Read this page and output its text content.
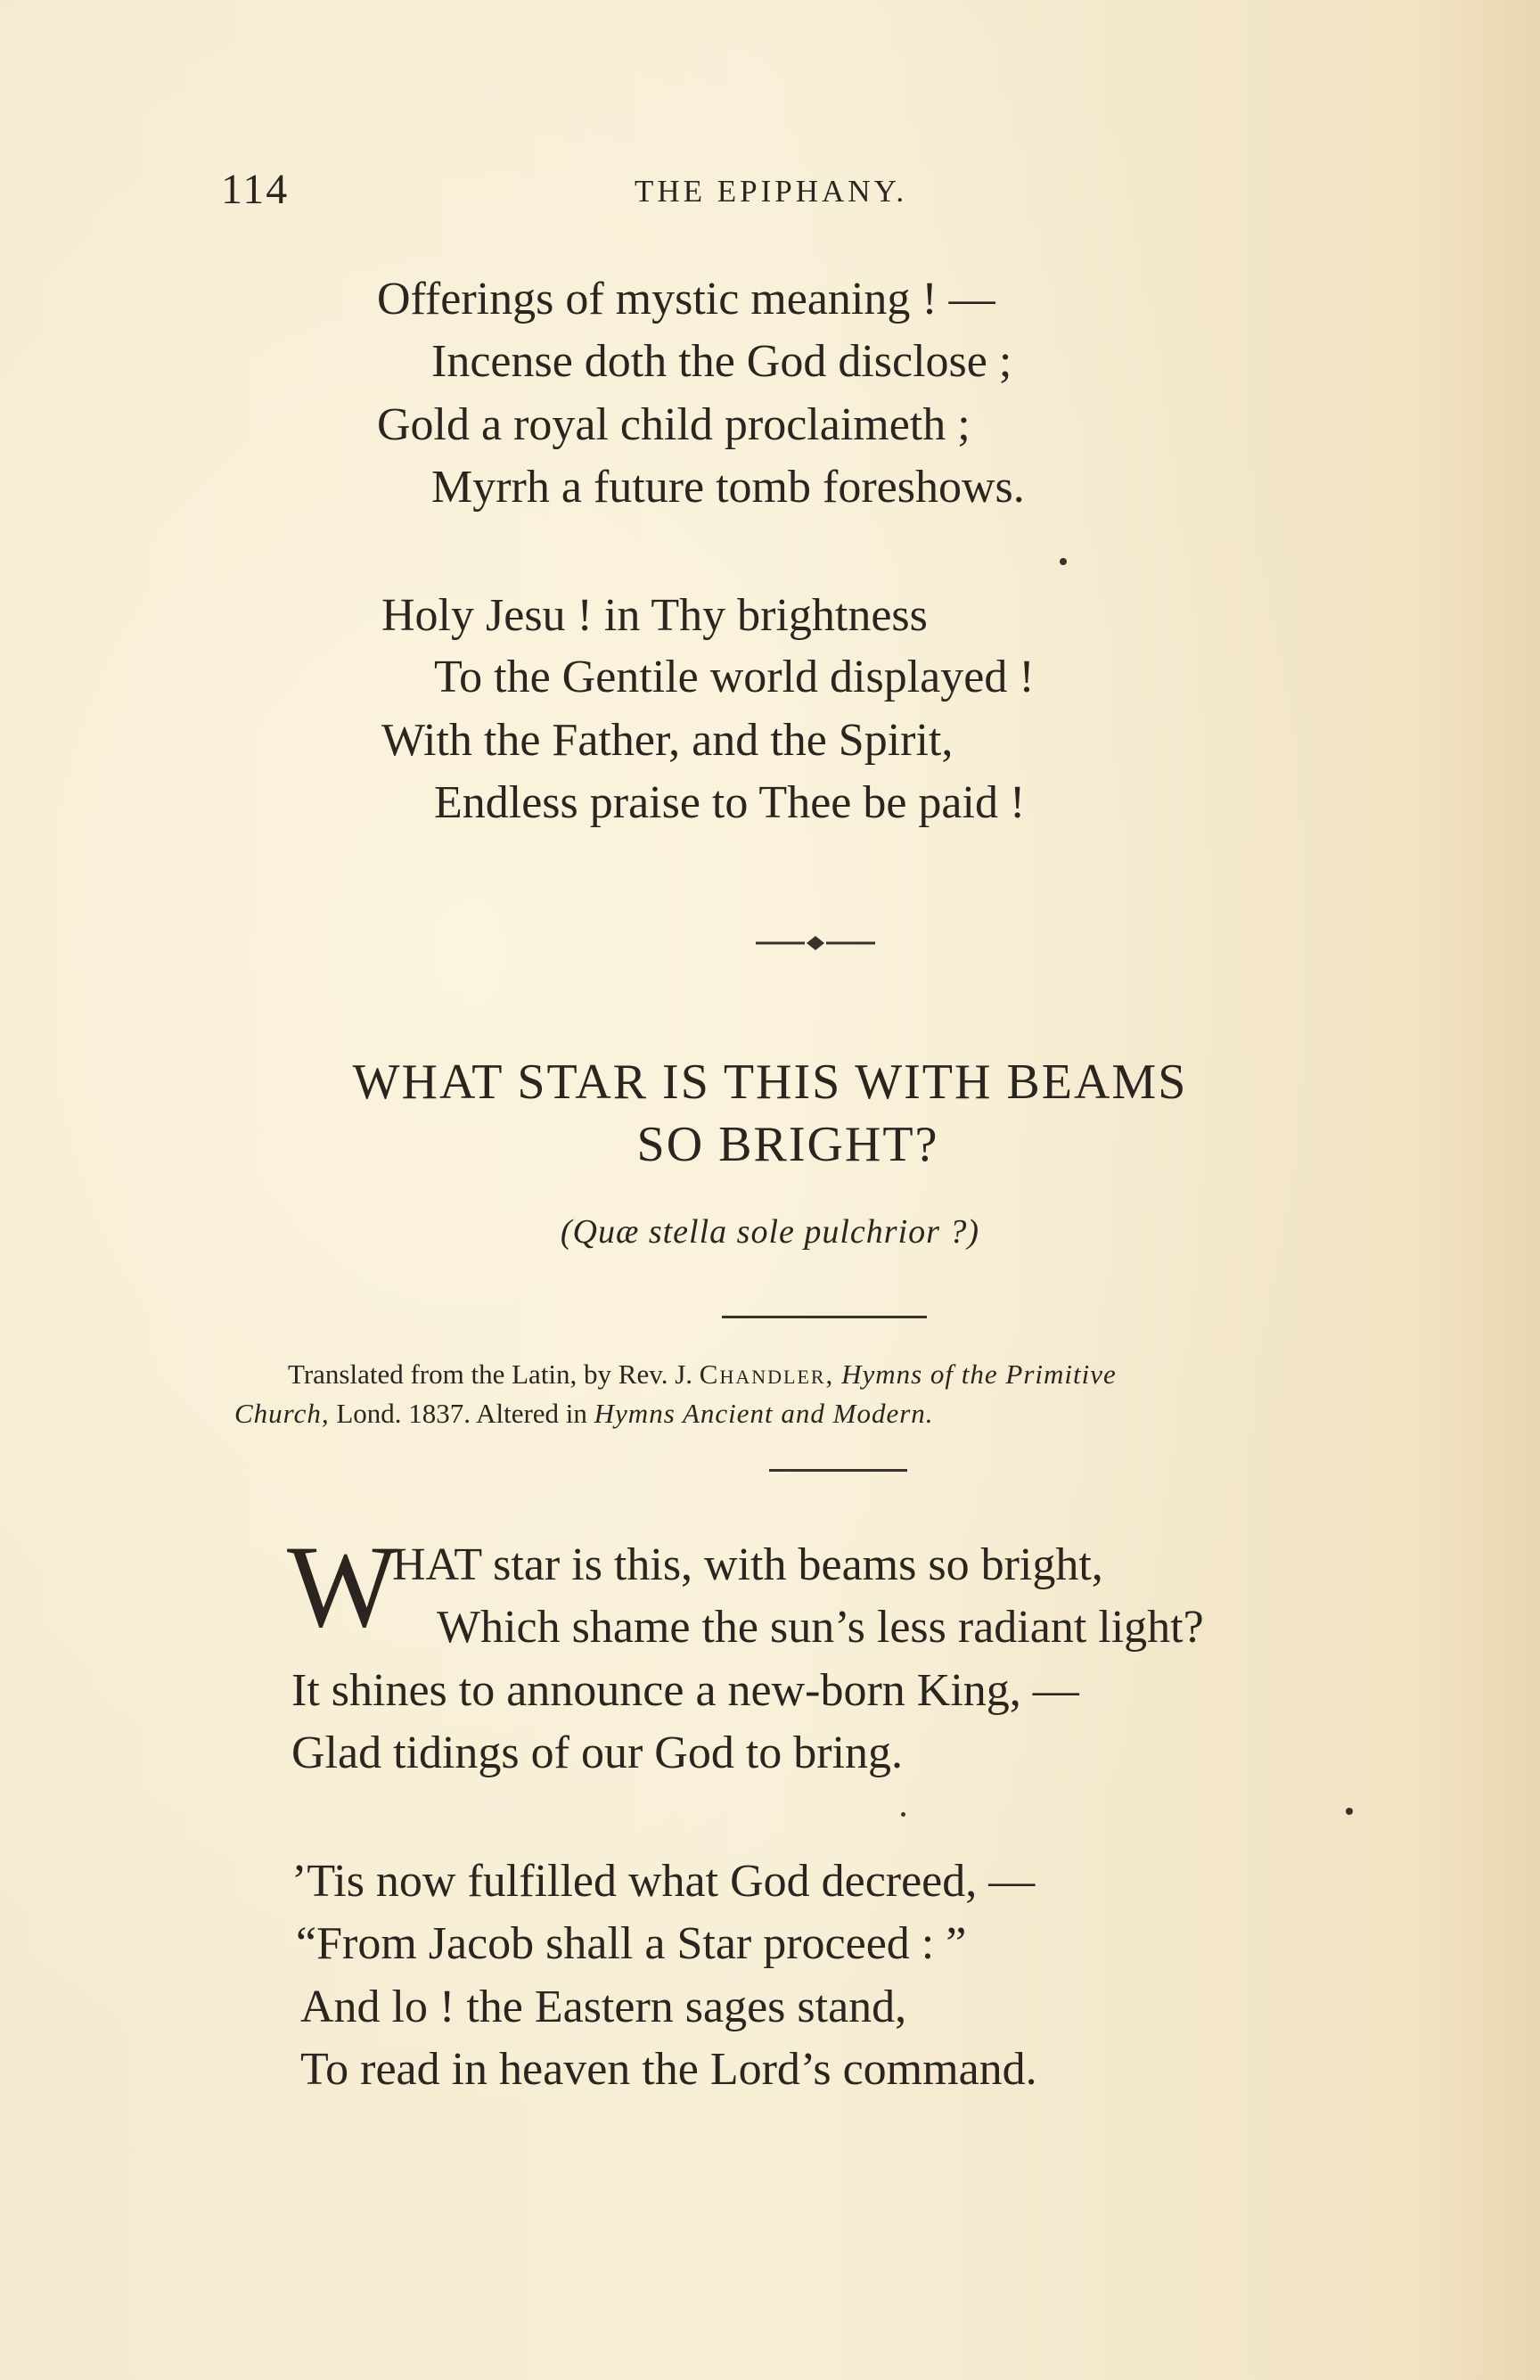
114	THE EPIPHANY.
Offerings of mystic meaning ! —
Incense doth the God disclose ;
Gold a royal child proclaimeth ;
Myrrh a future tomb foreshows.
Holy Jesu ! in Thy brightness
To the Gentile world displayed !
With the Father, and the Spirit,
Endless praise to Thee be paid !
WHAT STAR IS THIS WITH BEAMS
SO BRIGHT?
(Quæ stella sole pulchrior ?)
Translated from the Latin, by Rev. J. Chandler, Hymns of the Primitive
Church, Lond. 1837. Altered in Hymns Ancient and Modern.
W
HAT star is this, with beams so bright,
Which shame the sun’s less radiant light?
It shines to announce a new-born King, —
Glad tidings of our God to bring.
’Tis now fulfilled what God decreed, —
“From Jacob shall a Star proceed : ”
And lo ! the Eastern sages stand,
To read in heaven the Lord’s command.
